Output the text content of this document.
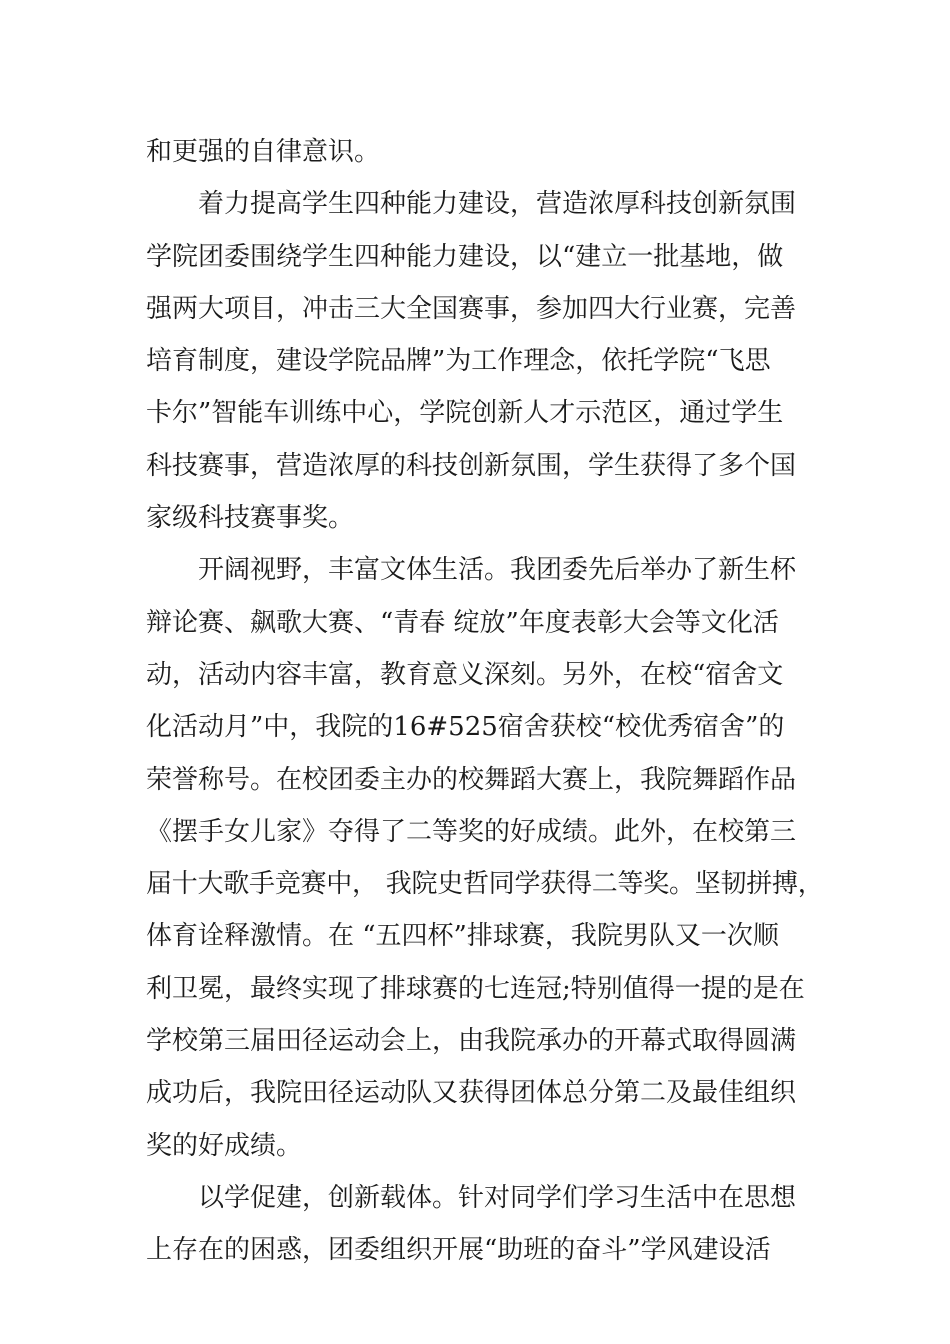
和更强的自律意识。
着力提高学生四种能力建设，营造浓厚科技创新氛围
学院团委围绕学生四种能力建设，以“建立一批基地，做
强两大项目，冲击三大全国赛事，参加四大行业赛，完善
培育制度，建设学院品牌”为工作理念，依托学院“飞思
卡尔”智能车训练中心，学院创新人才示范区，通过学生
科技赛事，营造浓厚的科技创新氛围，学生获得了多个国
家级科技赛事奖。
开阔视野，丰富文体生活。我团委先后举办了新生杯
辩论赛、飙歌大赛、“青春 绽放”年度表彰大会等文化活
动，活动内容丰富，教育意义深刻。另外，在校“宿舍文
化活动月”中，我院的16#525宿舍获校“校优秀宿舍”的
荣誉称号。在校团委主办的校舞蹈大赛上，我院舞蹈作品
《摆手女儿家》夺得了二等奖的好成绩。此外，在校第三
届十大歌手竞赛中， 我院史哲同学获得二等奖。坚韧拼搏，
体育诠释激情。在 “五四杯”排球赛，我院男队又一次顺
利卫冕，最终实现了排球赛的七连冠;特别值得一提的是在
学校第三届田径运动会上，由我院承办的开幕式取得圆满
成功后，我院田径运动队又获得团体总分第二及最佳组织
奖的好成绩。
以学促建，创新载体。针对同学们学习生活中在思想
上存在的困惑，团委组织开展“助班的奋斗”学风建设活
